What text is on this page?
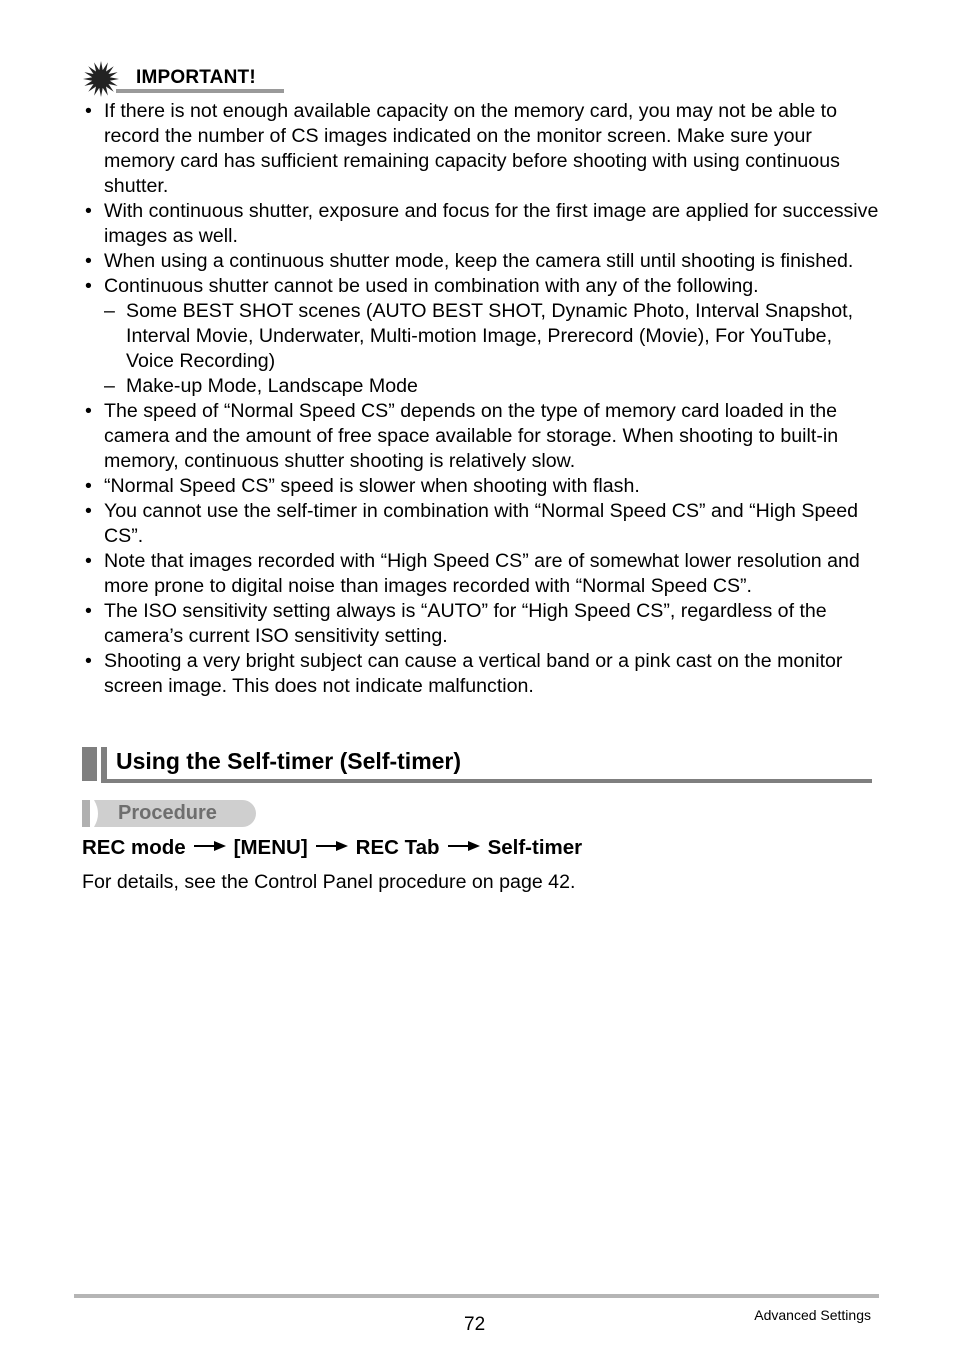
IMPORTANT!
• If there is not enough available capacity on the memory card, you may not be able to record the number of CS images indicated on the monitor screen. Make sure your memory card has sufficient remaining capacity before shooting with using continuous shutter.
• With continuous shutter, exposure and focus for the first image are applied for successive images as well.
• When using a continuous shutter mode, keep the camera still until shooting is finished.
• Continuous shutter cannot be used in combination with any of the following.
– Some BEST SHOT scenes (AUTO BEST SHOT, Dynamic Photo, Interval Snapshot, Interval Movie, Underwater, Multi-motion Image, Prerecord (Movie), For YouTube, Voice Recording)
– Make-up Mode, Landscape Mode
• The speed of “Normal Speed CS” depends on the type of memory card loaded in the camera and the amount of free space available for storage. When shooting to built-in memory, continuous shutter shooting is relatively slow.
• “Normal Speed CS” speed is slower when shooting with flash.
• You cannot use the self-timer in combination with “Normal Speed CS” and “High Speed CS”.
• Note that images recorded with “High Speed CS” are of somewhat lower resolution and more prone to digital noise than images recorded with “Normal Speed CS”.
• The ISO sensitivity setting always is “AUTO” for “High Speed CS”, regardless of the camera’s current ISO sensitivity setting.
• Shooting a very bright subject can cause a vertical band or a pink cast on the monitor screen image. This does not indicate malfunction.
Using the Self-timer (Self-timer)
Procedure
REC mode [MENU] REC Tab Self-timer
For details, see the Control Panel procedure on page 42.
72	Advanced Settings
